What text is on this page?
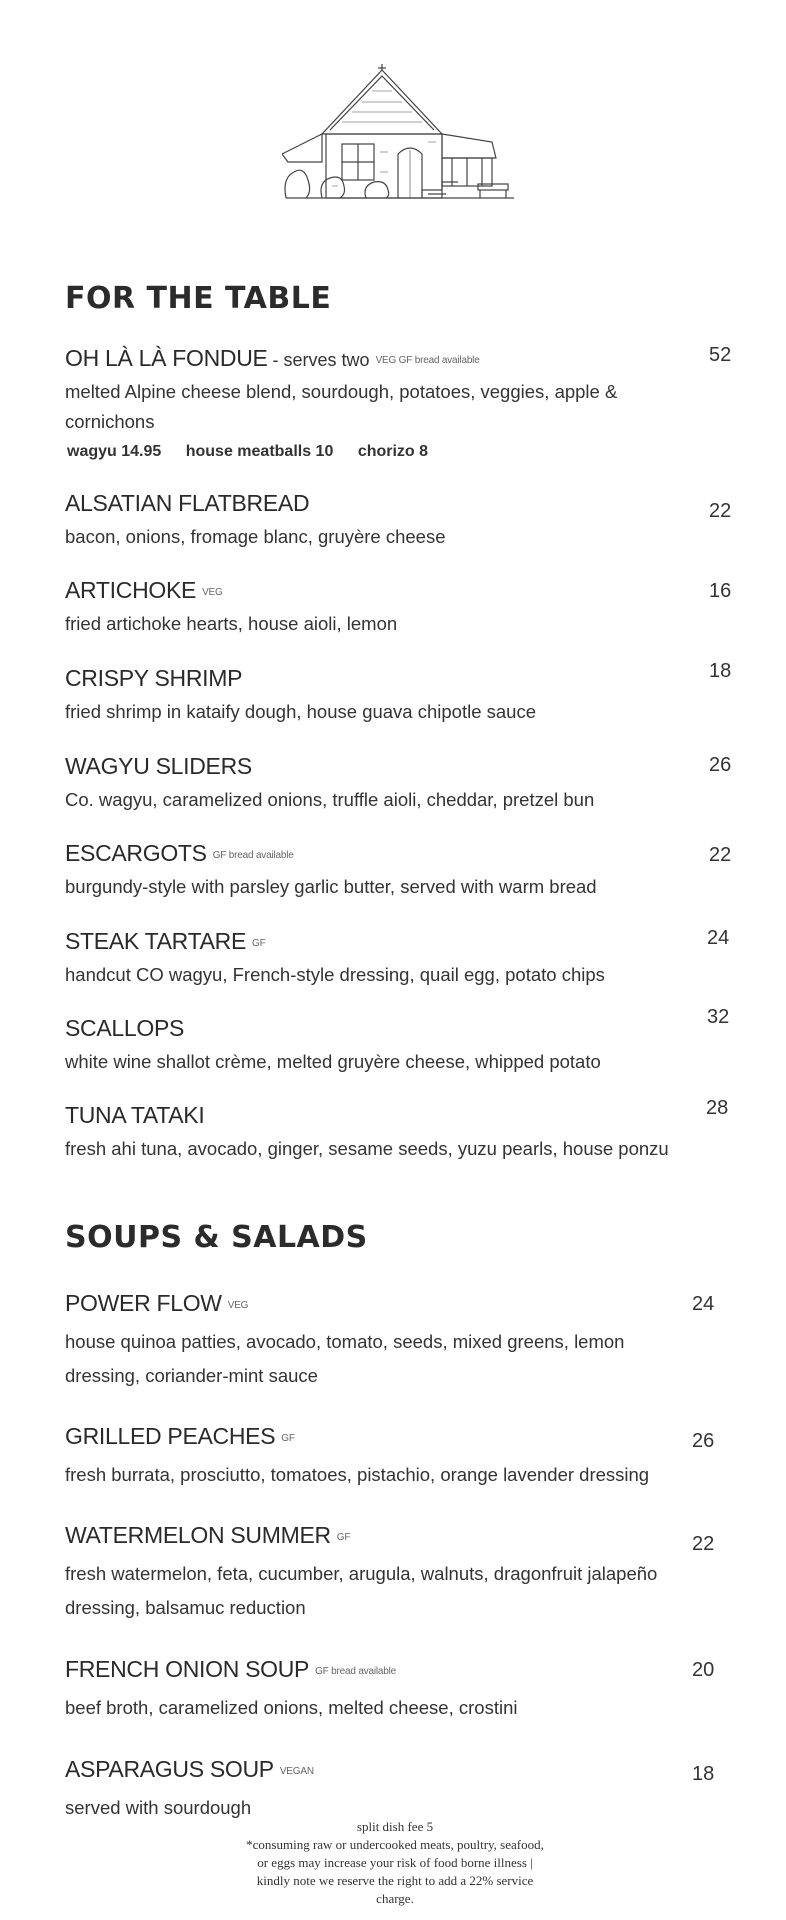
FOR THE TABLE
OH LÀ LÀ FONDUE - serves two VEG GF bread available
melted Alpine cheese blend, sourdough, potatoes, veggies, apple & cornichons
wagyu 14.95 house meatballs 10 chorizo 8
52
ALSATIAN FLATBREAD
bacon, onions, fromage blanc, gruyère cheese
22
ARTICHOKE VEG
fried artichoke hearts, house aioli, lemon
16
CRISPY SHRIMP
fried shrimp in kataify dough, house guava chipotle sauce
18
WAGYU SLIDERS
Co. wagyu, caramelized onions, truffle aioli, cheddar, pretzel bun
26
ESCARGOTS GF bread available
burgundy-style with parsley garlic butter, served with warm bread
22
STEAK TARTARE GF
handcut CO wagyu, French-style dressing, quail egg, potato chips
24
SCALLOPS
white wine shallot crème, melted gruyère cheese, whipped potato
32
TUNA TATAKI
fresh ahi tuna, avocado, ginger, sesame seeds, yuzu pearls, house ponzu
28
SOUPS & SALADS
POWER FLOW VEG
house quinoa patties, avocado, tomato, seeds, mixed greens, lemon dressing, coriander-mint sauce
24
GRILLED PEACHES GF
fresh burrata, prosciutto, tomatoes, pistachio, orange lavender dressing
26
WATERMELON SUMMER GF
fresh watermelon, feta, cucumber, arugula, walnuts, dragonfruit jalapeño dressing, balsamuc reduction
22
FRENCH ONION SOUP GF bread available
beef broth, caramelized onions, melted cheese, crostini
20
ASPARAGUS SOUP VEGAN
served with sourdough
18

split dish fee 5

*consuming raw or undercooked meats, poultry, seafood, or eggs may increase your risk of food borne illness | kindly note we reserve the right to add a 22% service charge.
